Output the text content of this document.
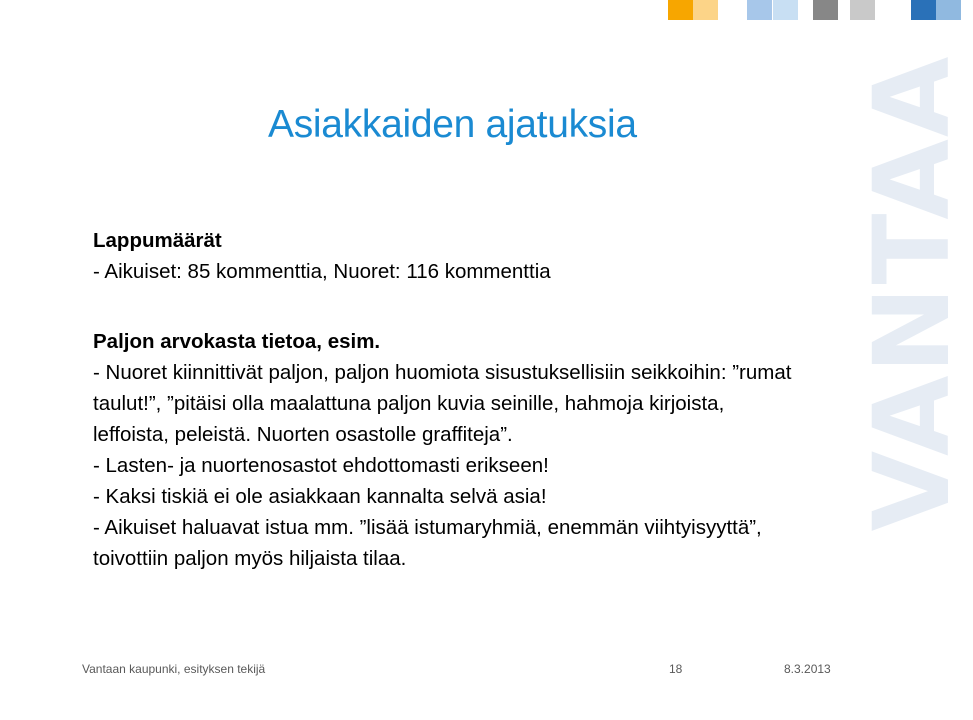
VANTAA
Asiakkaiden ajatuksia

Lappumäärät

- Aikuiset: 85 kommenttia, Nuoret: 116 kommenttia

Paljon arvokasta tietoa, esim.

- Nuoret kiinnittivät paljon, paljon huomiota sisustuksellisiin seikkoihin: ”rumat taulut!”, ”pitäisi olla maalattuna paljon kuvia seinille, hahmoja kirjoista, leffoista, peleistä. Nuorten osastolle graffiteja”.

- Lasten- ja nuortenosastot ehdottomasti erikseen!

- Kaksi tiskiä ei ole asiakkaan kannalta selvä asia!

- Aikuiset haluavat istua mm. ”lisää istumaryhmiä, enemmän viihtyisyyttä”, toivottiin paljon myös hiljaista tilaa.

Vantaan kaupunki, esityksen tekijä	18	8.3.2013
